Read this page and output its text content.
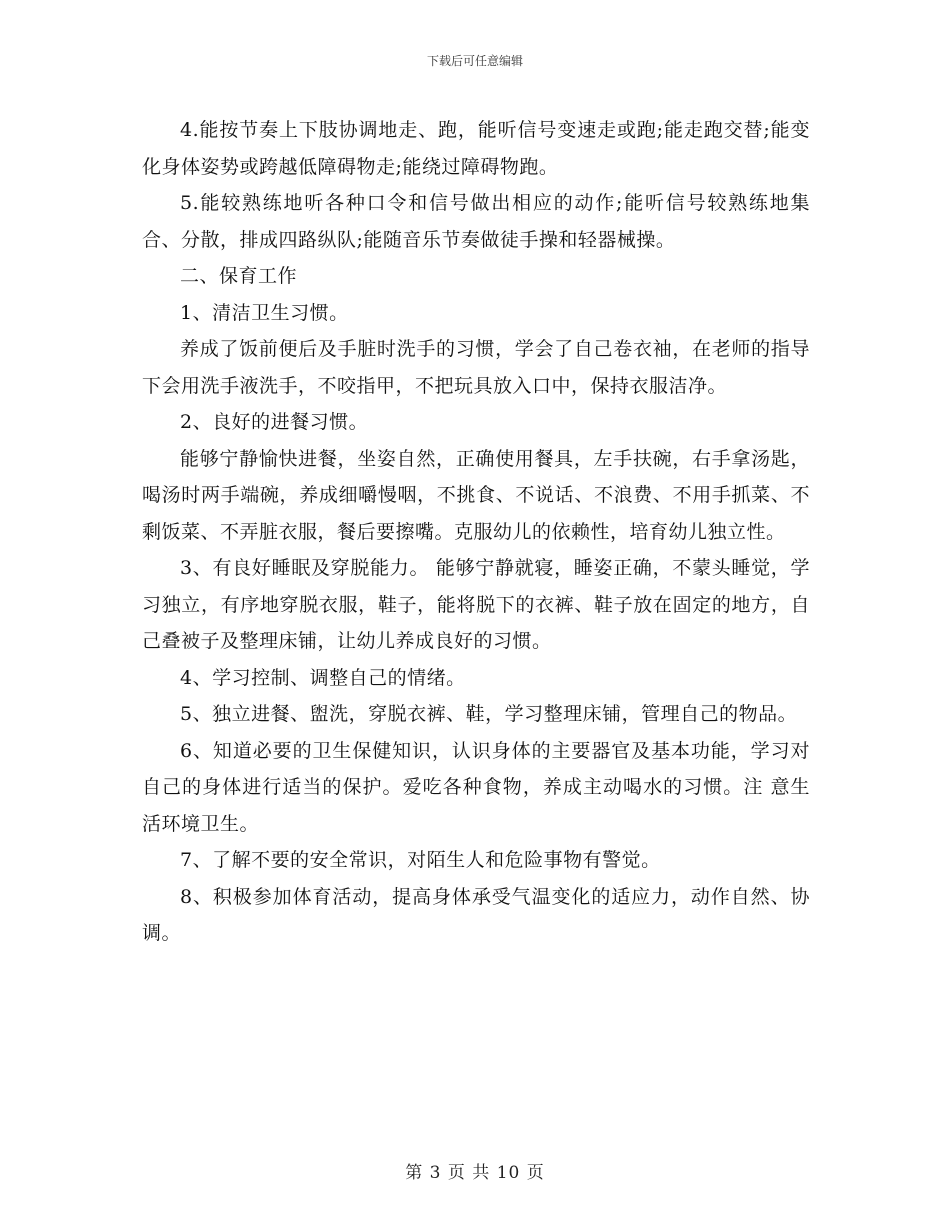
下载后可任意编辑

4.能按节奏上下肢协调地走、跑，能听信号变速走或跑;能走跑交替;能变化身体姿势或跨越低障碍物走;能绕过障碍物跑。

5.能较熟练地听各种口令和信号做出相应的动作;能听信号较熟练地集合、分散，排成四路纵队;能随音乐节奏做徒手操和轻器械操。

二、保育工作

1、清洁卫生习惯。

养成了饭前便后及手脏时洗手的习惯，学会了自己卷衣袖，在老师的指导下会用洗手液洗手，不咬指甲，不把玩具放入口中，保持衣服洁净。

2、良好的进餐习惯。

能够宁静愉快进餐，坐姿自然，正确使用餐具，左手扶碗，右手拿汤匙，喝汤时两手端碗，养成细嚼慢咽，不挑食、不说话、不浪费、不用手抓菜、不剩饭菜、不弄脏衣服，餐后要擦嘴。克服幼儿的依赖性，培育幼儿独立性。

3、有良好睡眠及穿脱能力。 能够宁静就寝，睡姿正确，不蒙头睡觉，学习独立，有序地穿脱衣服，鞋子，能将脱下的衣裤、鞋子放在固定的地方，自己叠被子及整理床铺，让幼儿养成良好的习惯。

4、学习控制、调整自己的情绪。

5、独立进餐、盥洗，穿脱衣裤、鞋，学习整理床铺，管理自己的物品。

6、知道必要的卫生保健知识，认识身体的主要器官及基本功能，学习对自己的身体进行适当的保护。爱吃各种食物，养成主动喝水的习惯。注 意生活环境卫生。

7、了解不要的安全常识，对陌生人和危险事物有警觉。

8、积极参加体育活动，提高身体承受气温变化的适应力，动作自然、协调。

第 3 页 共 10 页
